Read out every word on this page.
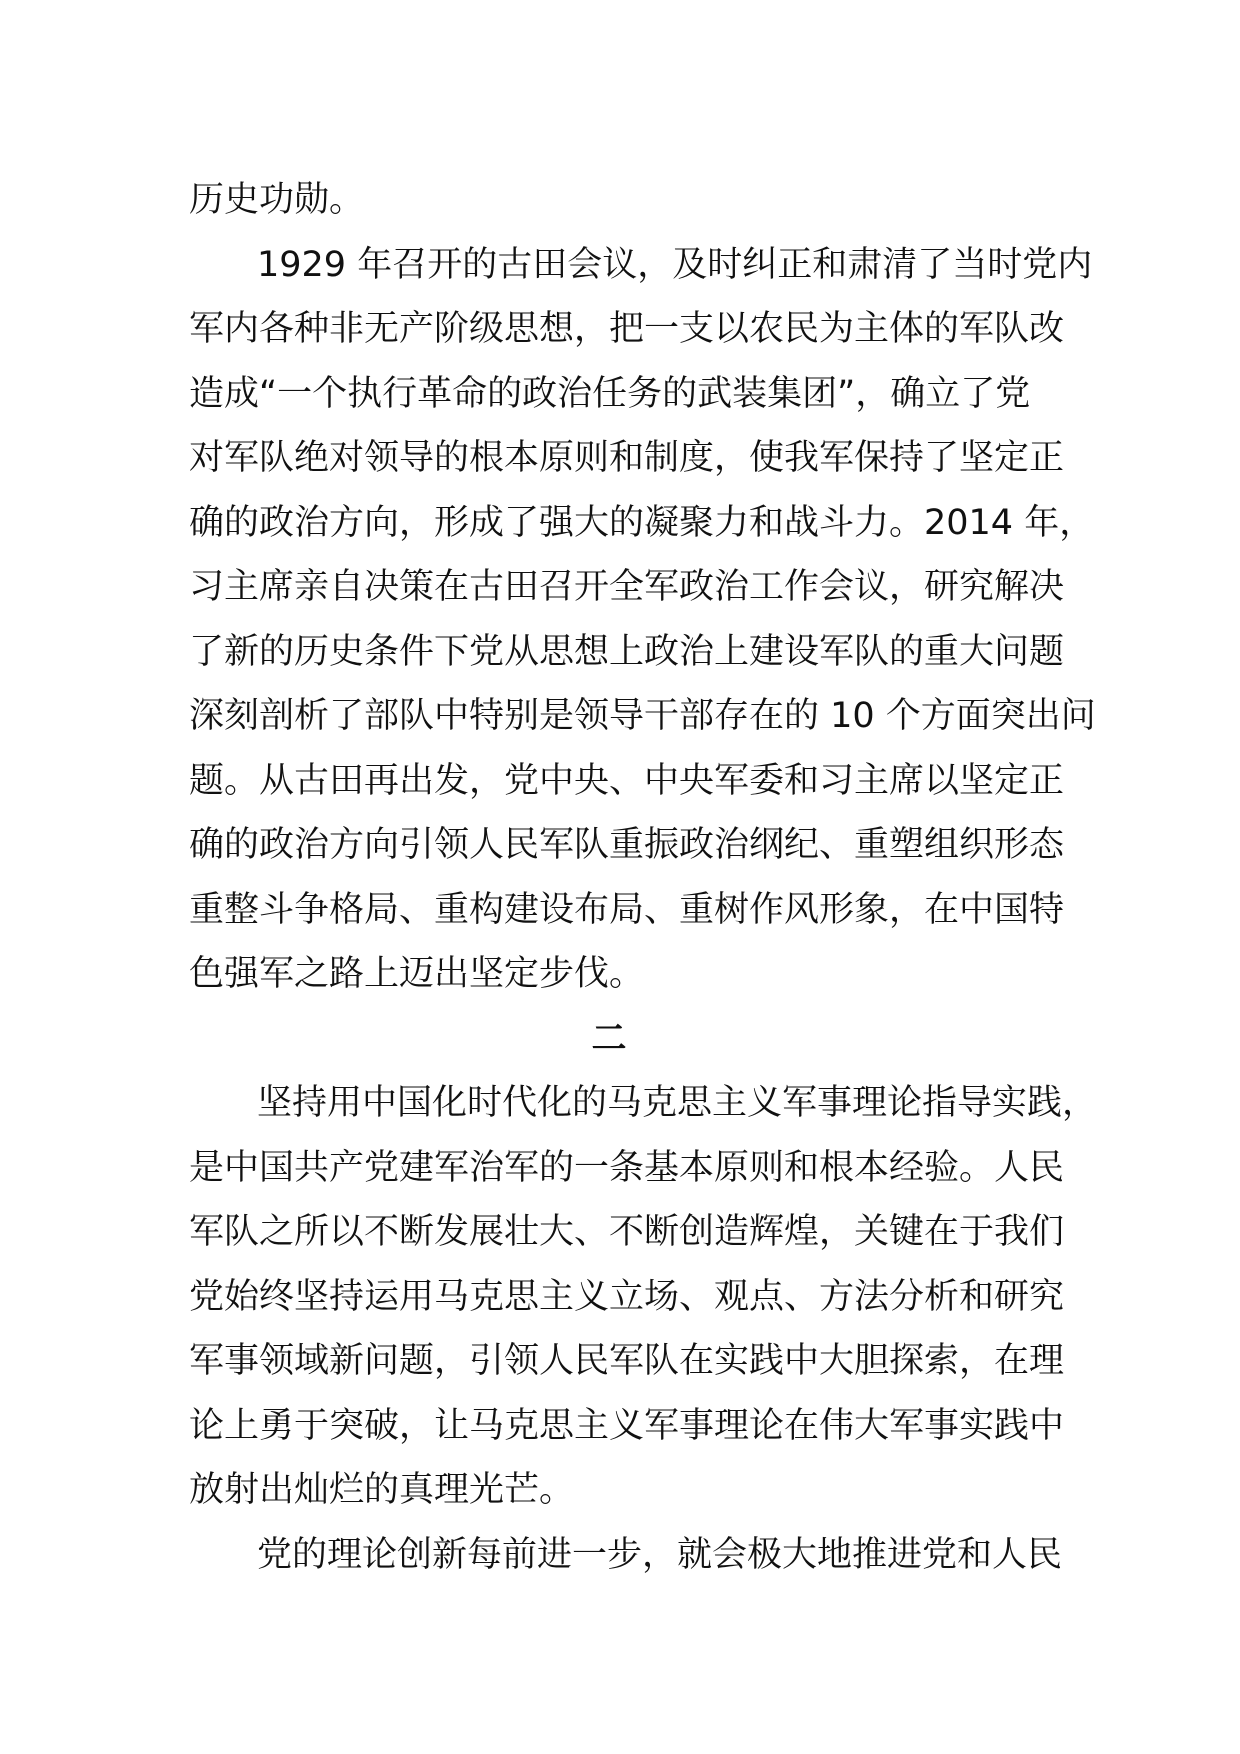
历史功勋。
1929 年召开的古田会议，及时纠正和肃清了当时党内
军内各种非无产阶级思想，把一支以农民为主体的军队改
造成“一个执行革命的政治任务的武装集团”，确立了党
对军队绝对领导的根本原则和制度，使我军保持了坚定正
确的政治方向，形成了强大的凝聚力和战斗力。2014 年，
习主席亲自决策在古田召开全军政治工作会议，研究解决
了新的历史条件下党从思想上政治上建设军队的重大问题
深刻剖析了部队中特别是领导干部存在的 10 个方面突出问
题。从古田再出发，党中央、中央军委和习主席以坚定正
确的政治方向引领人民军队重振政治纲纪、重塑组织形态
重整斗争格局、重构建设布局、重树作风形象，在中国特
色强军之路上迈出坚定步伐。
二
坚持用中国化时代化的马克思主义军事理论指导实践，
是中国共产党建军治军的一条基本原则和根本经验。人民
军队之所以不断发展壮大、不断创造辉煌，关键在于我们
党始终坚持运用马克思主义立场、观点、方法分析和研究
军事领域新问题，引领人民军队在实践中大胆探索，在理
论上勇于突破，让马克思主义军事理论在伟大军事实践中
放射出灿烂的真理光芒。
党的理论创新每前进一步，就会极大地推进党和人民
